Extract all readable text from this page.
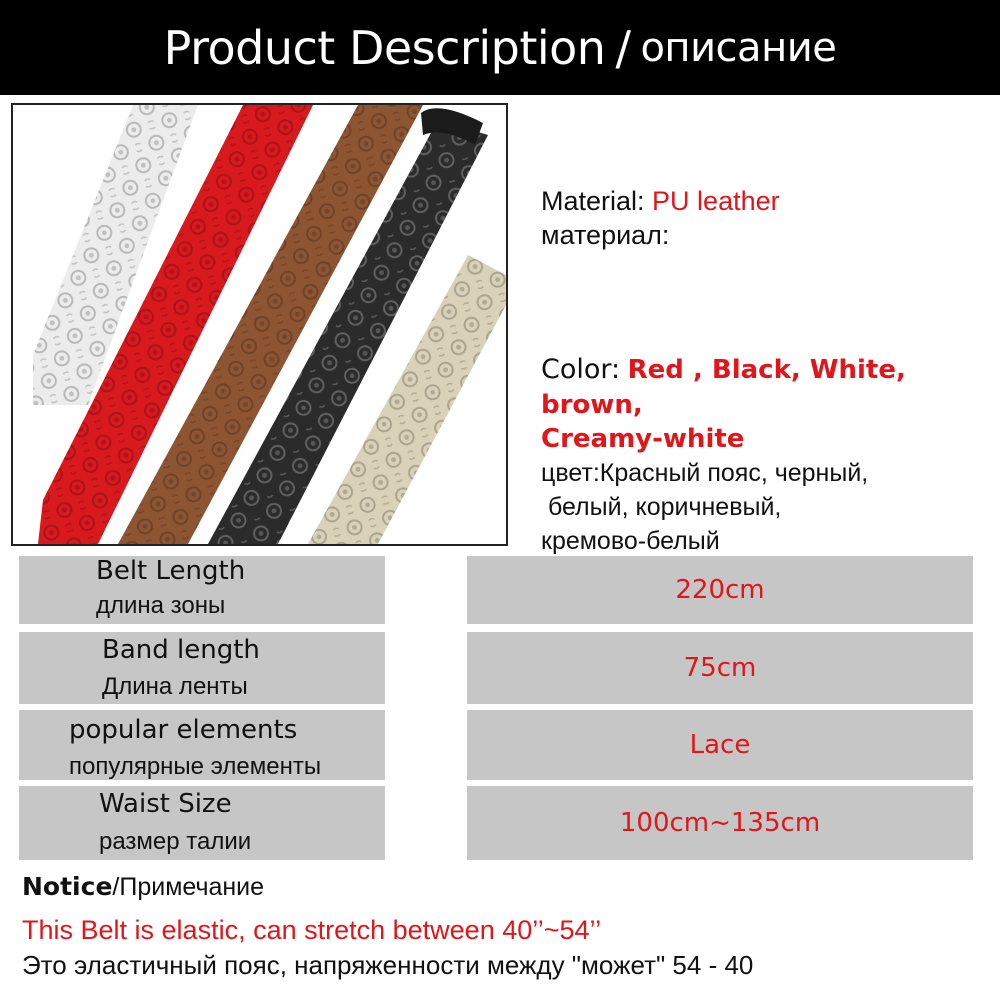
Product Description / описание
Material: PU leather
материал:
Color: Red , Black, White, brown,
Creamy-white
цвет:Красный пояс, черный,
белый, коричневый,
кремово-белый
Belt Length
длина зоны
220cm
Band length
Длина ленты
75cm
popular elements
популярные элементы
Lace
Waist Size
размер талии
100cm~135cm
Notice/Примечание
This Belt is elastic, can stretch between 40’’~54’’
Это эластичный пояс, напряженности между "может" 54 - 40
